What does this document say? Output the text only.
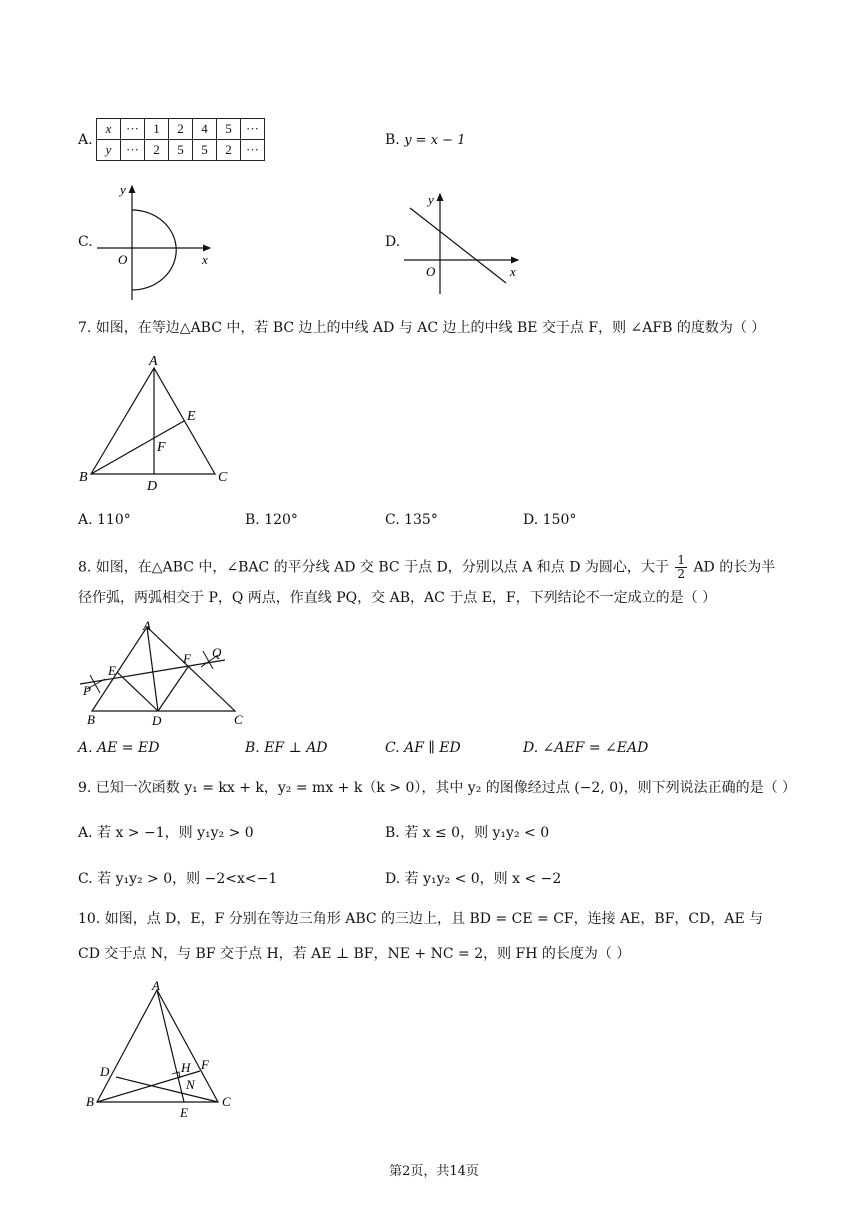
A.
x	···	1	2	4	5	···
y	···	2	5	5	2	···
B. y = x − 1
C.
y
x
O
D.
y
x
O
7. 如图，在等边△ABC 中，若 BC 边上的中线 AD 与 AC 边上的中线 BE 交于点 F，则 ∠AFB 的度数为（ ）
A
B	C
D
E
F
A. 110°	B. 120°	C. 135°	D. 150°
8. 如图，在△ABC 中，∠BAC 的平分线 AD 交 BC 于点 D，分别以点 A 和点 D 为圆心，大于 $\frac{1}{2}$ AD 的长为半
径作弧，两弧相交于 P，Q 两点，作直线 PQ，交 AB，AC 于点 E，F，下列结论不一定成立的是（ ）
A
B	C
D
E
F
P
Q
A. AE = ED	B. EF ⊥ AD	C. AF ∥ ED	D. ∠AEF = ∠EAD
9. 已知一次函数 y₁ = kx + k，y₂ = mx + k（k > 0），其中 y₂ 的图像经过点 (−2, 0)，则下列说法正确的是（ ）
A. 若 x > −1，则 y₁y₂ > 0	B. 若 x ≤ 0，则 y₁y₂ < 0
C. 若 y₁y₂ > 0，则 −2<x<−1	D. 若 y₁y₂ < 0，则 x < −2
10. 如图，点 D，E，F 分别在等边三角形 ABC 的三边上，且 BD = CE = CF，连接 AE，BF，CD，AE 与
CD 交于点 N，与 BF 交于点 H，若 AE ⊥ BF，NE + NC = 2，则 FH 的长度为（ ）
A
B	C
D
E
F
H
N
第2页，共14页
